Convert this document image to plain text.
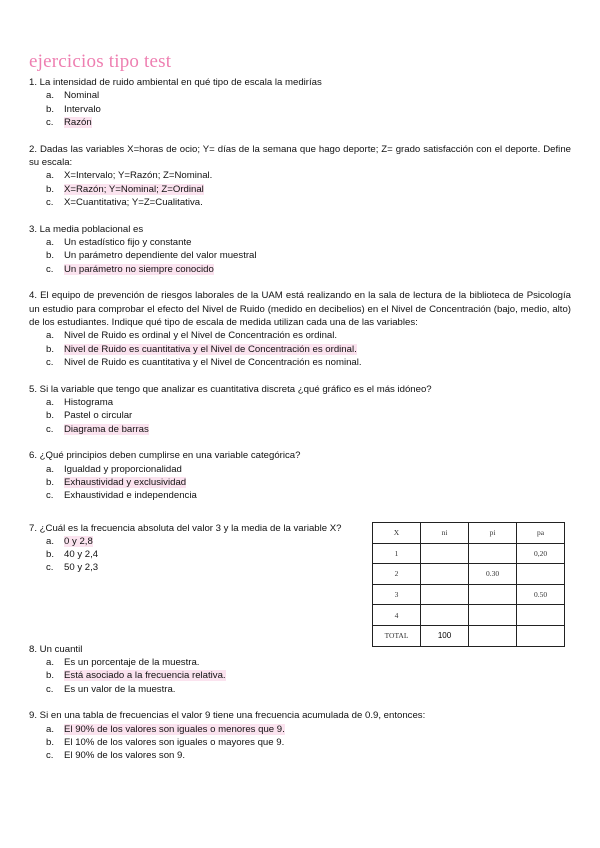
ejercicios tipo test
1. La intensidad de ruido ambiental en qué tipo de escala la medirías
a. Nominal
b. Intervalo
c. Razón
2. Dadas las variables X=horas de ocio; Y= días de la semana que hago deporte; Z= grado satisfacción con el deporte. Define su escala:
a. X=Intervalo; Y=Razón; Z=Nominal.
b. X=Razón; Y=Nominal; Z=Ordinal
c. X=Cuantitativa; Y=Z=Cualitativa.
3. La media poblacional es
a. Un estadístico fijo y constante
b. Un parámetro dependiente del valor muestral
c. Un parámetro no siempre conocido
4. El equipo de prevención de riesgos laborales de la UAM está realizando en la sala de lectura de la biblioteca de Psicología un estudio para comprobar el efecto del Nivel de Ruido (medido en decibelios) en el Nivel de Concentración (bajo, medio, alto) de los estudiantes. Indique qué tipo de escala de medida utilizan cada una de las variables:
a. Nivel de Ruido es ordinal y el Nivel de Concentración es ordinal.
b. Nivel de Ruido es cuantitativa y el Nivel de Concentración es ordinal.
c. Nivel de Ruido es cuantitativa y el Nivel de Concentración es nominal.
5. Si la variable que tengo que analizar es cuantitativa discreta ¿qué gráfico es el más idóneo?
a. Histograma
b. Pastel o circular
c. Diagrama de barras
6. ¿Qué principios deben cumplirse en una variable categórica?
a. Igualdad y proporcionalidad
b. Exhaustividad y exclusividad
c. Exhaustividad e independencia
7. ¿Cuál es la frecuencia absoluta del valor 3 y la media de la variable X?
a. 0 y 2,8
b. 40 y 2,4
c. 50 y 2,3
8. Un cuantil
a. Es un porcentaje de la muestra.
b. Está asociado a la frecuencia relativa.
c. Es un valor de la muestra.
9. Si en una tabla de frecuencias el valor 9 tiene una frecuencia acumulada de 0.9, entonces:
a. El 90% de los valores son iguales o menores que 9.
b. El 10% de los valores son iguales o mayores que 9.
c. El 90% de los valores son 9.
X	ni	pi	pa
1			0,20
2		0.30	
3			0.50
4			
TOTAL	100		
